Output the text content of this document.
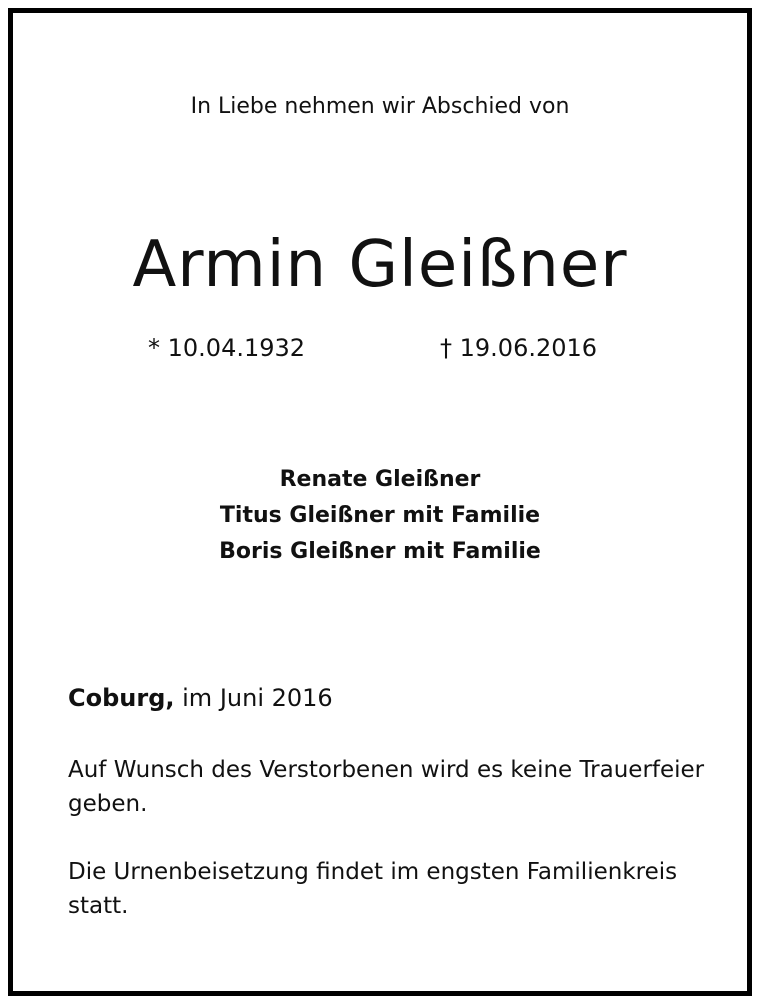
In Liebe nehmen wir Abschied von
Armin Gleißner
* 10.04.1932	† 19.06.2016
Renate Gleißner
Titus Gleißner mit Familie
Boris Gleißner mit Familie
Coburg, im Juni 2016
Auf Wunsch des Verstorbenen wird es keine Trauerfeier geben.
Die Urnenbeisetzung findet im engsten Familienkreis statt.
